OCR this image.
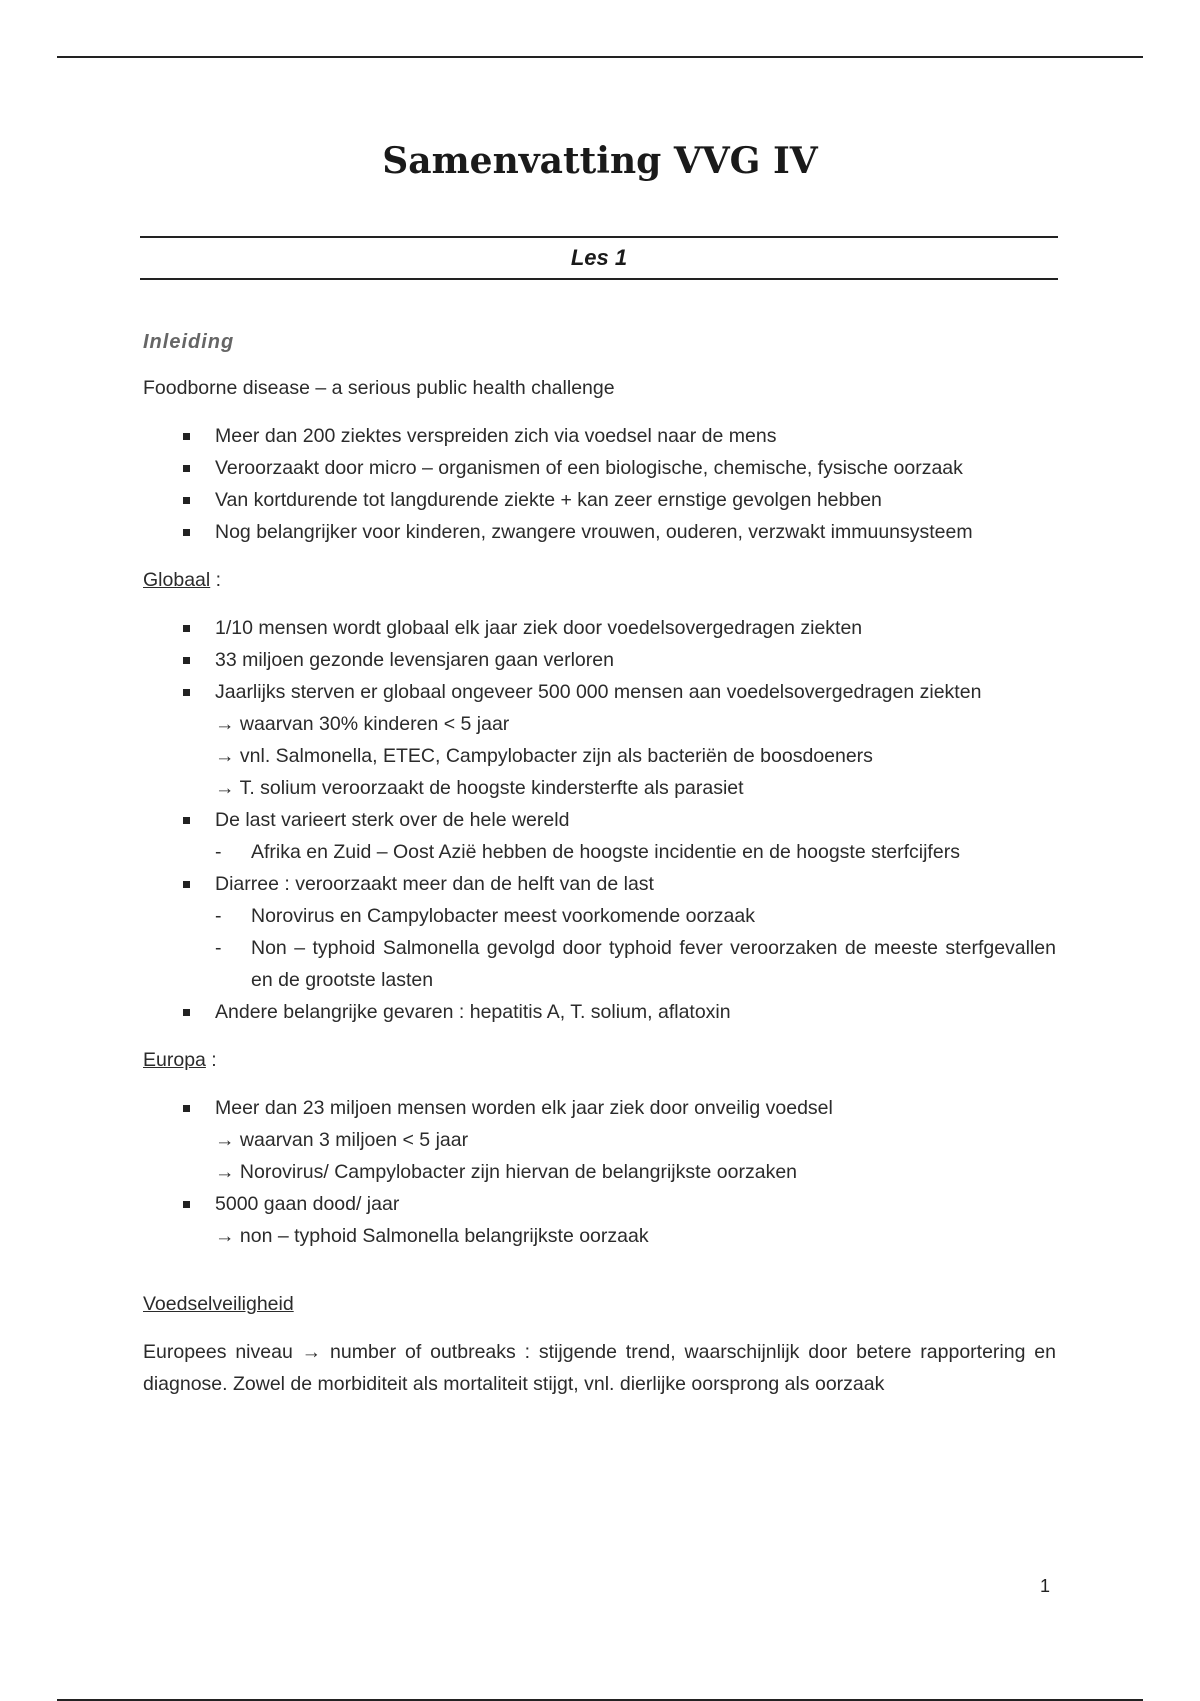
Samenvatting VVG IV
Les 1
Inleiding

Foodborne disease – a serious public health challenge

Meer dan 200 ziektes verspreiden zich via voedsel naar de mens
Veroorzaakt door micro – organismen of een biologische, chemische, fysische oorzaak
Van kortdurende tot langdurende ziekte + kan zeer ernstige gevolgen hebben
Nog belangrijker voor kinderen, zwangere vrouwen, ouderen, verzwakt immuunsysteem

Globaal :

1/10 mensen wordt globaal elk jaar ziek door voedelsovergedragen ziekten
33 miljoen gezonde levensjaren gaan verloren
Jaarlijks sterven er globaal ongeveer 500 000 mensen aan voedelsovergedragen ziekten
→ waarvan 30% kinderen < 5 jaar
→ vnl. Salmonella, ETEC, Campylobacter zijn als bacteriën de boosdoeners
→ T. solium veroorzaakt de hoogste kindersterfte als parasiet
De last varieert sterk over de hele wereld
- Afrika en Zuid – Oost Azië hebben de hoogste incidentie en de hoogste sterfcijfers
Diarree : veroorzaakt meer dan de helft van de last
- Norovirus en Campylobacter meest voorkomende oorzaak
- Non – typhoid Salmonella gevolgd door typhoid fever veroorzaken de meeste sterfgevallen en de grootste lasten
Andere belangrijke gevaren : hepatitis A, T. solium, aflatoxin

Europa :

Meer dan 23 miljoen mensen worden elk jaar ziek door onveilig voedsel
→ waarvan 3 miljoen < 5 jaar
→ Norovirus/ Campylobacter zijn hiervan de belangrijkste oorzaken
5000 gaan dood/ jaar
→ non – typhoid Salmonella belangrijkste oorzaak

Voedselveiligheid

Europees niveau → number of outbreaks : stijgende trend, waarschijnlijk door betere rapportering en diagnose. Zowel de morbiditeit als mortaliteit stijgt, vnl. dierlijke oorsprong als oorzaak

1
